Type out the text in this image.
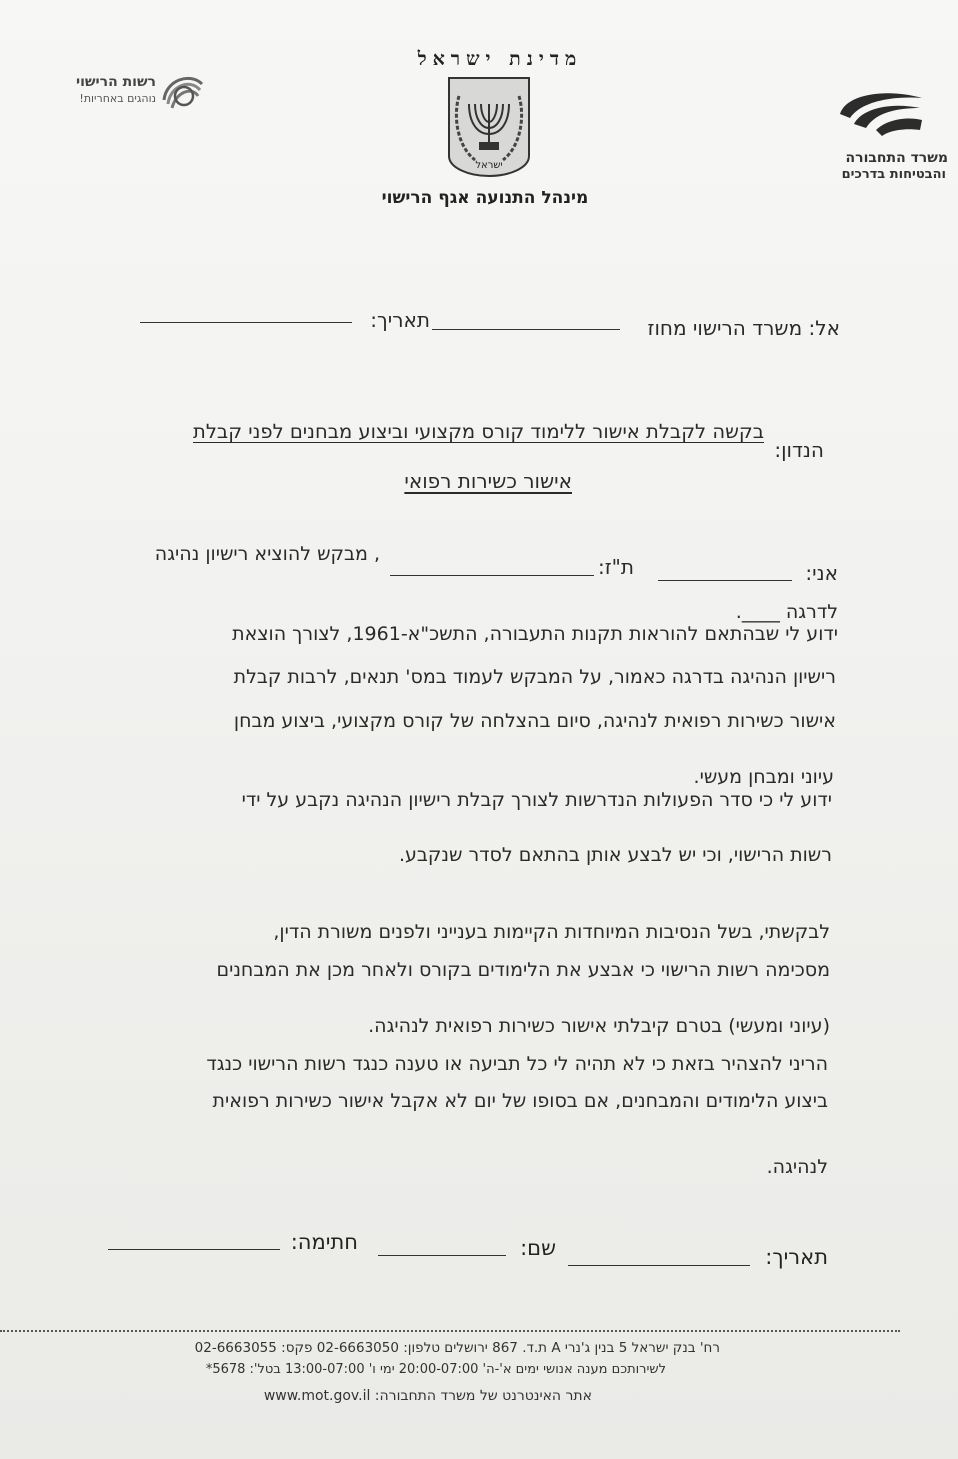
רשות הרישוי
נוהגים באחריות!
מדינת ישראל
ישראל
מינהל התנועה אגף הרישוי
משרד התחבורה
והבטיחות בדרכים
אל: משרד הרישוי מחוז
תאריך:
הנדון:
בקשה לקבלת אישור ללימוד קורס מקצועי וביצוע מבחנים לפני קבלת
אישור כשירות רפואי
אני:
ת"ז:
, מבקש להוציא רישיון נהיגה
לדרגה ____.
ידוע לי שבהתאם להוראות תקנות התעבורה, התשכ"א-1961, לצורך הוצאת
רישיון הנהיגה בדרגה כאמור, על המבקש לעמוד במס' תנאים, לרבות קבלת
אישור כשירות רפואית לנהיגה, סיום בהצלחה של קורס מקצועי, ביצוע מבחן
עיוני ומבחן מעשי.
ידוע לי כי סדר הפעולות הנדרשות לצורך קבלת רישיון הנהיגה נקבע על ידי
רשות הרישוי, וכי יש לבצע אותן בהתאם לסדר שנקבע.
לבקשתי, בשל הנסיבות המיוחדות הקיימות בענייני ולפנים משורת הדין,
מסכימה רשות הרישוי כי אבצע את הלימודים בקורס ולאחר מכן את המבחנים
(עיוני ומעשי) בטרם קיבלתי אישור כשירות רפואית לנהיגה.
הריני להצהיר בזאת כי לא תהיה לי כל תביעה או טענה כנגד רשות הרישוי כנגד
ביצוע הלימודים והמבחנים, אם בסופו של יום לא אקבל אישור כשירות רפואית
לנהיגה.
תאריך:
שם:
חתימה:
רח' בנק ישראל 5 בנין ג'נרי A ת.ד. 867 ירושלים טלפון: 02-6663050 פקס: 02-6663055
לשירותכם מענה אנושי ימים א'-ה' 20:00-07:00 ימי ו' 13:00-07:00 בטל': 5678*
אתר האינטרנט של משרד התחבורה: www.mot.gov.il
